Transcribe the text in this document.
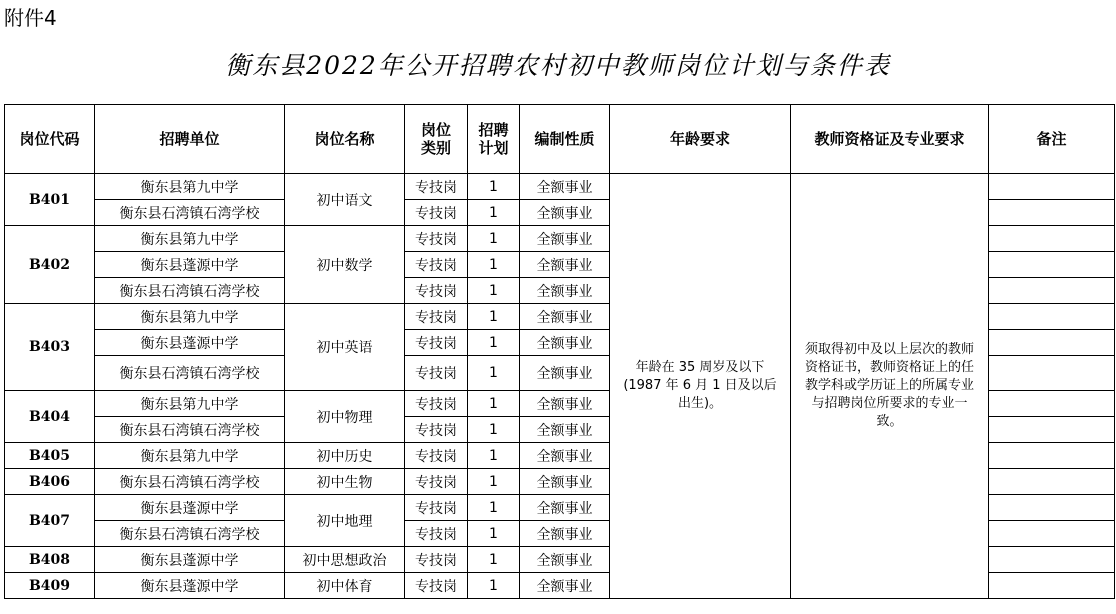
附件4
衡东县2022年公开招聘农村初中教师岗位计划与条件表
岗位代码	招聘单位	岗位名称	岗位类别	招聘计划	编制性质	年龄要求	教师资格证及专业要求	备注
B401	衡东县第九中学	初中语文	专技岗	1	全额事业	年龄在 35 周岁及以下(1987 年 6 月 1 日及以后出生)。	须取得初中及以上层次的教师资格证书，教师资格证上的任教学科或学历证上的所属专业与招聘岗位所要求的专业一致。	
	衡东县石湾镇石湾学校		专技岗	1	全额事业			
B402	衡东县第九中学	初中数学	专技岗	1	全额事业			
	衡东县蓬源中学		专技岗	1	全额事业			
	衡东县石湾镇石湾学校		专技岗	1	全额事业			
B403	衡东县第九中学	初中英语	专技岗	1	全额事业			
	衡东县蓬源中学		专技岗	1	全额事业			
	衡东县石湾镇石湾学校		专技岗	1	全额事业			
B404	衡东县第九中学	初中物理	专技岗	1	全额事业			
	衡东县石湾镇石湾学校		专技岗	1	全额事业			
B405	衡东县第九中学	初中历史	专技岗	1	全额事业			
B406	衡东县石湾镇石湾学校	初中生物	专技岗	1	全额事业			
B407	衡东县蓬源中学	初中地理	专技岗	1	全额事业			
	衡东县石湾镇石湾学校		专技岗	1	全额事业			
B408	衡东县蓬源中学	初中思想政治	专技岗	1	全额事业			
B409	衡东县蓬源中学	初中体育	专技岗	1	全额事业			
